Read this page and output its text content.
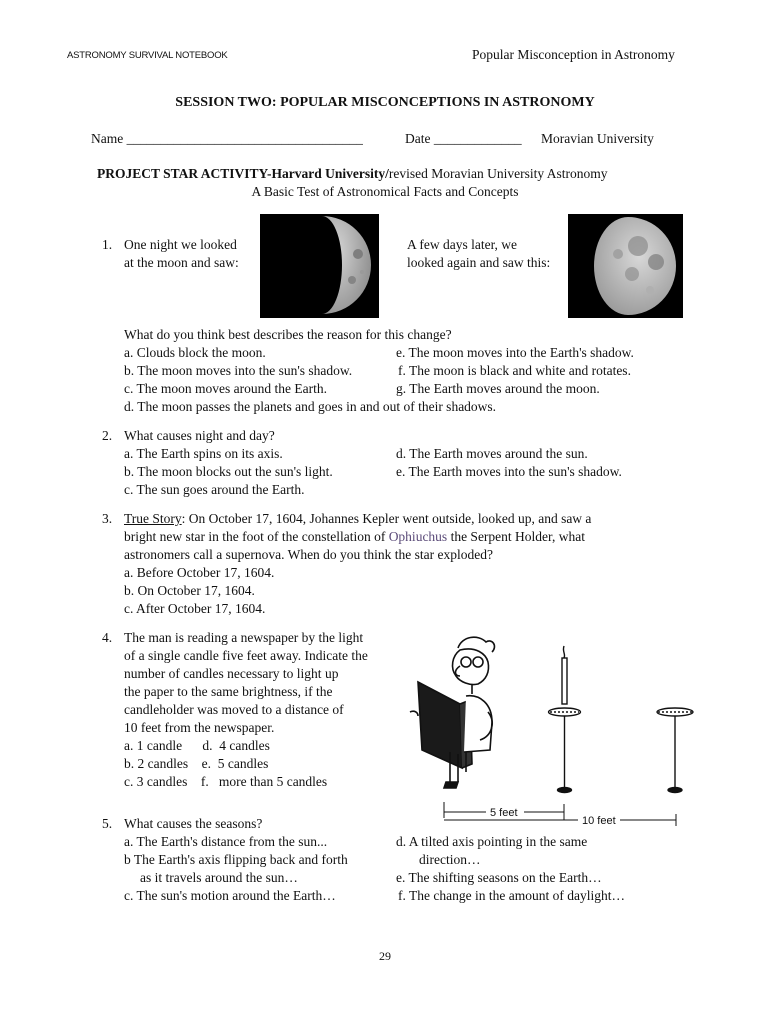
ASTRONOMY SURVIVAL NOTEBOOK	Popular Misconception in Astronomy
SESSION TWO: POPULAR MISCONCEPTIONS IN ASTRONOMY
Name ___________________________________	Date _____________ Moravian University
PROJECT STAR ACTIVITY-Harvard University/revised Moravian University Astronomy
A Basic Test of Astronomical Facts and Concepts
1. One night we looked
at the moon and saw:
A few days later, we
looked again and saw this:
What do you think best describes the reason for this change?
a. Clouds block the moon.
b. The moon moves into the sun's shadow.
c. The moon moves around the Earth.
d. The moon passes the planets and goes in and out of their shadows.
e. The moon moves into the Earth's shadow.
f. The moon is black and white and rotates.
g. The Earth moves around the moon.
2. What causes night and day?
a. The Earth spins on its axis.
b. The moon blocks out the sun's light.
c. The sun goes around the Earth.
d. The Earth moves around the sun.
e. The Earth moves into the sun's shadow.
3. True Story: On October 17, 1604, Johannes Kepler went outside, looked up, and saw a
bright new star in the foot of the constellation of Ophiuchus the Serpent Holder, what
astronomers call a supernova. When do you think the star exploded?
a. Before October 17, 1604.
b. On October 17, 1604.
c. After October 17, 1604.
4. The man is reading a newspaper by the light
of a single candle five feet away. Indicate the
number of candles necessary to light up
the paper to the same brightness, if the
candleholder was moved to a distance of
10 feet from the newspaper.
a. 1 candle      d.  4 candles
b. 2 candles    e.  5 candles
c. 3 candles    f.   more than 5 candles
5 feet
10 feet
5. What causes the seasons?
a. The Earth's distance from the sun...
b The Earth's axis flipping back and forth
as it travels around the sun…
c. The sun's motion around the Earth…
d. A tilted axis pointing in the same
direction…
e. The shifting seasons on the Earth…
f. The change in the amount of daylight…
29
